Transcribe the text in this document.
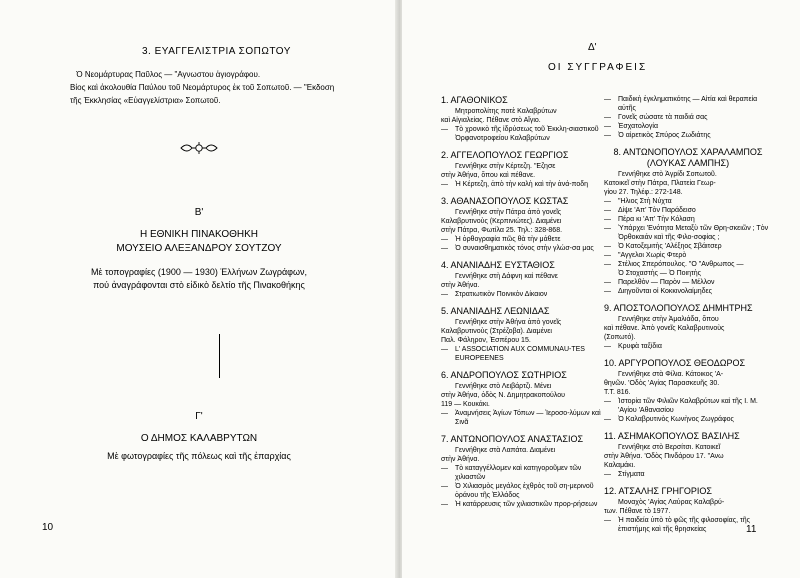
3. ΕΥΑΓΓΕΛΙΣΤΡΙΑ ΣΟΠΩΤΟΥ
Ὁ Νεομάρτυρας Παῦλος — "Αγνωστου ἁγιογράφου.
Βίος καὶ ἀκολουθία Παύλου τοῦ Νεομάρτυρος ἐκ τοῦ Σοπωτοῦ. — "Εκδοση
τῆς Ἐκκλησίας «Εὐαγγελίστρια» Σοπωτοῦ.
Β'
Η ΕΘΝΙΚΗ ΠΙΝΑΚΟΘΗΚΗ
ΜΟΥΣΕΙΟ ΑΛΕΞΑΝΔΡΟΥ ΣΟΥΤΖΟΥ
Μὲ τοπογραφίες (1900 — 1930) Ἑλλήνων Ζωγράφων,
πού ἀναγράφονται στὸ εἰδικὸ δελτίο τῆς Πινακοθήκης
Γ'
Ο ΔΗΜΟΣ ΚΑΛΑΒΡΥΤΩΝ
Μὲ φωτογραφίες τῆς πόλεως καὶ τῆς ἐπαρχίας
10
Δ'
ΟΙ ΣΥΓΓΡΑΦΕΙΣ
1. ΑΓΑΘΟΝΙΚΟΣ
Μητροπολίτης ποτὲ Καλαβρύτων
καὶ Αἰγιαλείας. Πέθανε στὸ Αἴγιο.
—	Τὸ χρονικὸ τῆς ἱδρύσεως τοῦ Ἐκκλη-σιαστικοῦ Ὀρφανοτροφείου Καλαβρύτων
2. ΑΓΓΕΛΟΠΟΥΛΟΣ ΓΕΩΡΓΙΟΣ
Γεννήθηκε στὴν Κέρτεζη. "Εζησε
στὴν Ἀθήνα, ὅπου καὶ πέθανε.
—	Ἡ Κέρτεζη, ἀπὸ τὴν καλὴ καὶ τὴν ἀνά-ποδη
3. ΑΘΑΝΑΣΟΠΟΥΛΟΣ ΚΩΣΤΑΣ
Γεννήθηκε στὴν Πάτρα ἀπὸ γονεῖς
Καλαβρυτινοὺς (Κερπινιώτες). Διαμένει
στὴν Πάτρα, Φωτίλα 25. Τηλ.: 328-868.
—	Ἡ ὀρθογραφία πῶς θὰ τὴν μάθετε
—	Ὁ συναισθηματικὸς τόνος στὴν γλώσ-σα μας
4. ΑΝΑΝΙΑΔΗΣ ΕΥΣΤΑΘΙΟΣ
Γεννήθηκε στὴ Δάφνη καὶ πέθανε
στὴν Ἀθήνα.
—	Στρατιωτικὸν Ποινικὸν Δίκαιον
5. ΑΝΑΝΙΑΔΗΣ ΛΕΩΝΙΔΑΣ
Γεννήθηκε στὴν Ἀθήνα ἀπὸ γονεῖς
Καλαβρυτινοὺς (Στρέζοβα). Διαμένει
Παλ. Φάληρον, Ἐσπέρου 15.
—	L' ASSOCIATION AUX COMMUNAU-TES EUROPEENES
6. ΑΝΔΡΟΠΟΥΛΟΣ ΣΩΤΗΡΙΟΣ
Γεννήθηκε στὸ Λειβάρτζι. Μένει
στὴν Ἀθήνα, ὁδὸς Ν. Δημητρακοπούλου
119 — Κουκάκι.
—	Ἀναμνήσεις Ἁγίων Τόπων — Ἱεροσο-λύμων καὶ Σινᾶ
7. ΑΝΤΩΝΟΠΟΥΛΟΣ ΑΝΑΣΤΑΣΙΟΣ
Γεννήθηκε στὰ Λαπάτα. Διαμένει
στὴν Ἀθήνα.
—	Τὸ καταγγέλλομεν καὶ κατηγοροῦμεν τῶν χιλιαστῶν
—	Ὁ Χιλιασμὸς μεγάλος ἐχθρὸς τοῦ ση-μερινοῦ ὁράνου τῆς Ἑλλάδος
—	Ἡ κατάρρευσις τῶν χιλιαστικῶν προρ-ρήσεων
—	Παιδικὴ ἐγκληματικότης — Αἰτία καὶ θεραπεία αὐτῆς
—	Γονεῖς σώσατε τὰ παιδιά σας
—	Ἐσχατολογία
—	Ὁ αἱρετικὸς Σπύρος Ζωδιάτης
8. ΑΝΤΩΝΟΠΟΥΛΟΣ ΧΑΡΑΛΑΜΠΟΣ
(ΛΟΥΚΑΣ ΛΑΜΠΗΣ)
Γεννήθηκε στὸ Ἀγρίδι Σοπωτοῦ.
Κατοικεῖ στὴν Πάτρα, Πλατεία Γεωρ-
γίου 27. Τηλέφ.: 272-148.
—	"Ηλιος Στὴ Νύχτα
—	Δίψε 'Απ' Τὸν Παράδεισο
—	Πέρα κι 'Απ' Τὴν Κόλαση
—	Ὑπάρχει 'Ενότητα Μεταξὺ τῶν Θρη-σκειῶν ; Τὸν Ὀρθοκαιάν καὶ τῆς Φιλο-σοφίας ;
—	Ὁ Κατοξεμιτὴς 'Αλέξηος Σβάιτσερ
—	"Αγγελοι Χωρὶς Φτερὸ
—	Στέλιος Σπερόπουλος. "Ο "Ανθρωπος —
Ὁ Στοχαστὴς — Ὁ Ποιητὴς
—	Παρελθὸν — Παρὸν — Μέλλον
—	Διηγοῦνται οἱ Κοκκινολαίμηδες
9. ΑΠΟΣΤΟΛΟΠΟΥΛΟΣ ΔΗΜΗΤΡΗΣ
Γεννήθηκε στὴν Ἀμαλιάδα, ὅπου
καὶ πέθανε. Ἀπὸ γονεῖς Καλαβρυτινοὺς
(Σοπωτό).
—	Κρυφὰ ταξίδια
10. ΑΡΓΥΡΟΠΟΥΛΟΣ ΘΕΟΔΩΡΟΣ
Γεννήθηκε στὰ Φίλια. Κάτοικος 'Α-
θηνῶν. 'Οδὸς 'Αγίας Παρασκευῆς 30.
Τ.Τ. 816.
—	Ἱστορία τῶν Φιλιῶν Καλαβρύτων καὶ τῆς Ι. Μ. 'Αγίου 'Αθανασίου
—	Ὁ Καλαβρυτινὸς Κωνὴνος Ζωγράφος
11. ΑΣΗΜΑΚΟΠΟΥΛΟΣ ΒΑΣΙΛΗΣ
Γεννήθηκε στὸ Βερσίτσι. Κατοικεῖ
στὴν Ἀθήνα. 'Οδὸς Πινδάρου 17. "Ανω
Καλαμάκι.
—	Στίγματα
12. ΑΤΣΑΛΗΣ ΓΡΗΓΟΡΙΟΣ
Μοναχὸς 'Αγίας Λαύρας Καλαβρύ-
των. Πέθανε τὸ 1977.
—	Ἡ παιδεία ὑπὸ τὸ φῶς τῆς φιλοσοφίας, τῆς ἐπιστήμης καὶ τῆς θρησκείας	11
